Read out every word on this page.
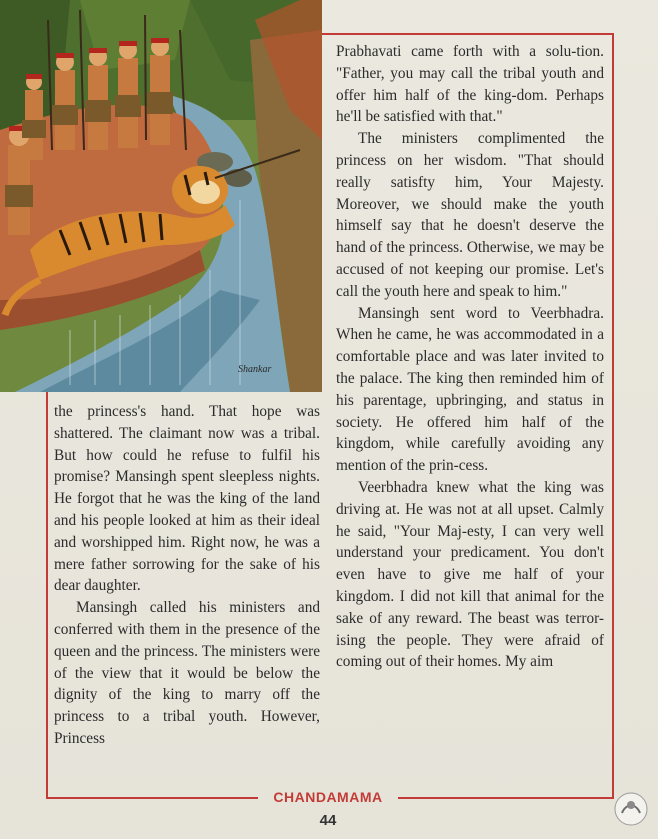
Shankar

Prabhavati came forth with a solu-tion. "Father, you may call the tribal youth and offer him half of the king-dom. Perhaps he'll be satisfied with that."

The ministers complimented the princess on her wisdom. "That should really satisfty him, Your Majesty. Moreover, we should make the youth himself say that he doesn't deserve the hand of the princess. Otherwise, we may be accused of not keeping our promise. Let's call the youth here and speak to him."

Mansingh sent word to Veerbhadra. When he came, he was accommodated in a comfortable place and was later invited to the palace. The king then reminded him of his parentage, upbringing, and status in society. He offered him half of the kingdom, while carefully avoiding any mention of the prin-cess.

Veerbhadra knew what the king was driving at. He was not at all upset. Calmly he said, "Your Maj-esty, I can very well understand your predicament. You don't even have to give me half of your kingdom. I did not kill that animal for the sake of any reward. The beast was terror-ising the people. They were afraid of coming out of their homes. My aim

the princess's hand. That hope was shattered. The claimant now was a tribal. But how could he refuse to fulfil his promise? Mansingh spent sleepless nights. He forgot that he was the king of the land and his people looked at him as their ideal and worshipped him. Right now, he was a mere father sorrowing for the sake of his dear daughter.

Mansingh called his ministers and conferred with them in the presence of the queen and the princess. The ministers were of the view that it would be below the dignity of the king to marry off the princess to a tribal youth. However, Princess

CHANDAMAMA
44
